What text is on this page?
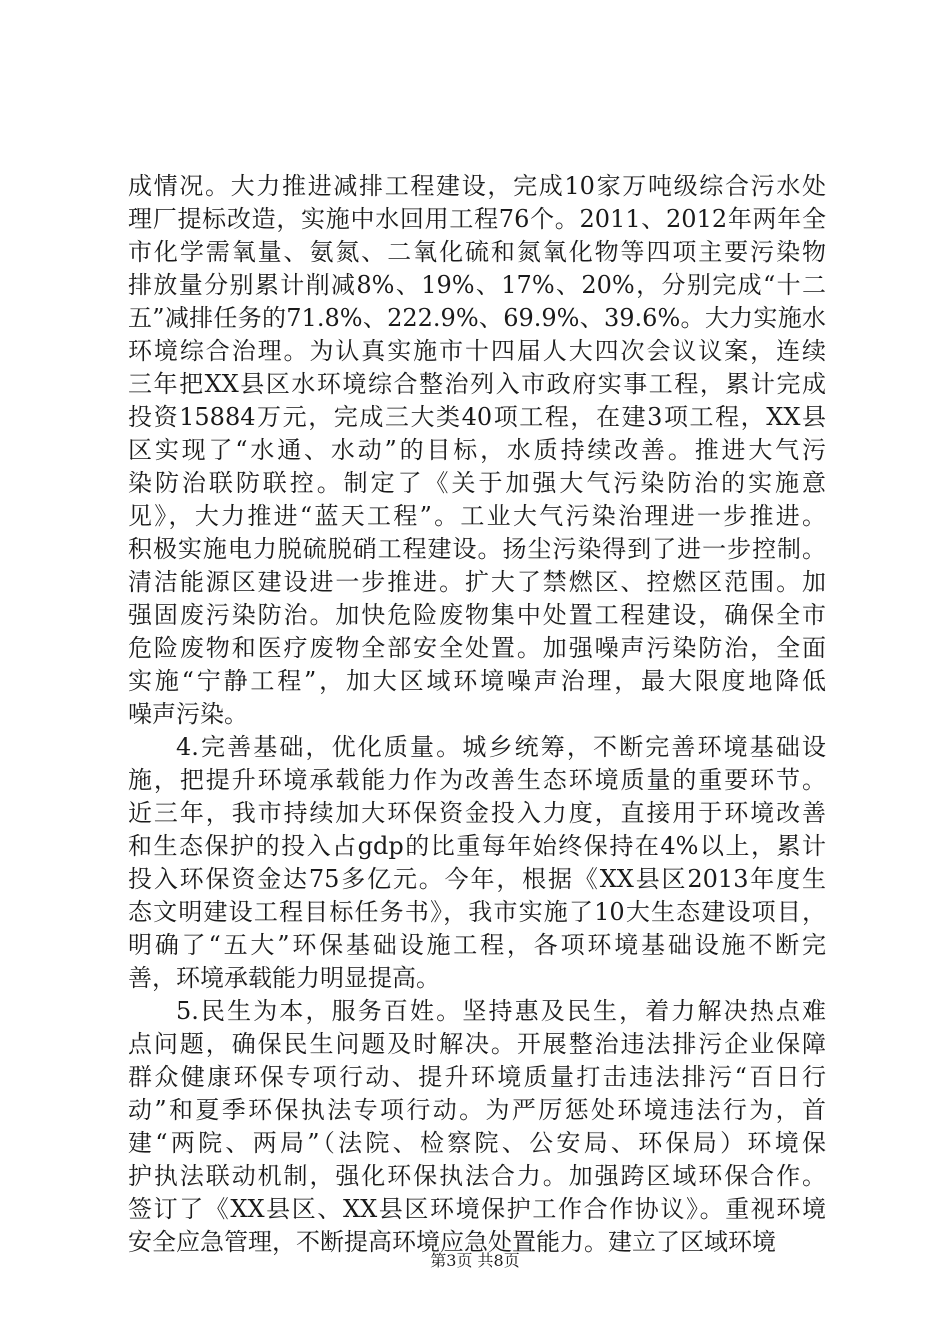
成情况。大力推进减排工程建设，完成10家万吨级综合污水处
理厂提标改造，实施中水回用工程76个。2011、2012年两年全
市化学需氧量、氨氮、二氧化硫和氮氧化物等四项主要污染物
排放量分别累计削减8%、19%、17%、20%，分别完成“十二
五”减排任务的71.8%、222.9%、69.9%、39.6%。大力实施水
环境综合治理。为认真实施市十四届人大四次会议议案，连续
三年把XX县区水环境综合整治列入市政府实事工程，累计完成
投资15884万元，完成三大类40项工程，在建3项工程，XX县
区实现了“水通、水动”的目标，水质持续改善。推进大气污
染防治联防联控。制定了《关于加强大气污染防治的实施意
见》，大力推进“蓝天工程”。工业大气污染治理进一步推进。
积极实施电力脱硫脱硝工程建设。扬尘污染得到了进一步控制。
清洁能源区建设进一步推进。扩大了禁燃区、控燃区范围。加
强固废污染防治。加快危险废物集中处置工程建设，确保全市
危险废物和医疗废物全部安全处置。加强噪声污染防治，全面
实施“宁静工程”，加大区域环境噪声治理，最大限度地降低
噪声污染。
4.完善基础，优化质量。城乡统筹，不断完善环境基础设
施，把提升环境承载能力作为改善生态环境质量的重要环节。
近三年，我市持续加大环保资金投入力度，直接用于环境改善
和生态保护的投入占gdp的比重每年始终保持在4%以上，累计
投入环保资金达75多亿元。今年，根据《XX县区2013年度生
态文明建设工程目标任务书》，我市实施了10大生态建设项目，
明确了“五大”环保基础设施工程，各项环境基础设施不断完
善，环境承载能力明显提高。
5.民生为本，服务百姓。坚持惠及民生，着力解决热点难
点问题，确保民生问题及时解决。开展整治违法排污企业保障
群众健康环保专项行动、提升环境质量打击违法排污“百日行
动”和夏季环保执法专项行动。为严厉惩处环境违法行为，首
建“两院、两局”（法院、检察院、公安局、环保局）环境保
护执法联动机制，强化环保执法合力。加强跨区域环保合作。
签订了《XX县区、XX县区环境保护工作合作协议》。重视环境
安全应急管理，不断提高环境应急处置能力。建立了区域环境
第3页 共8页
